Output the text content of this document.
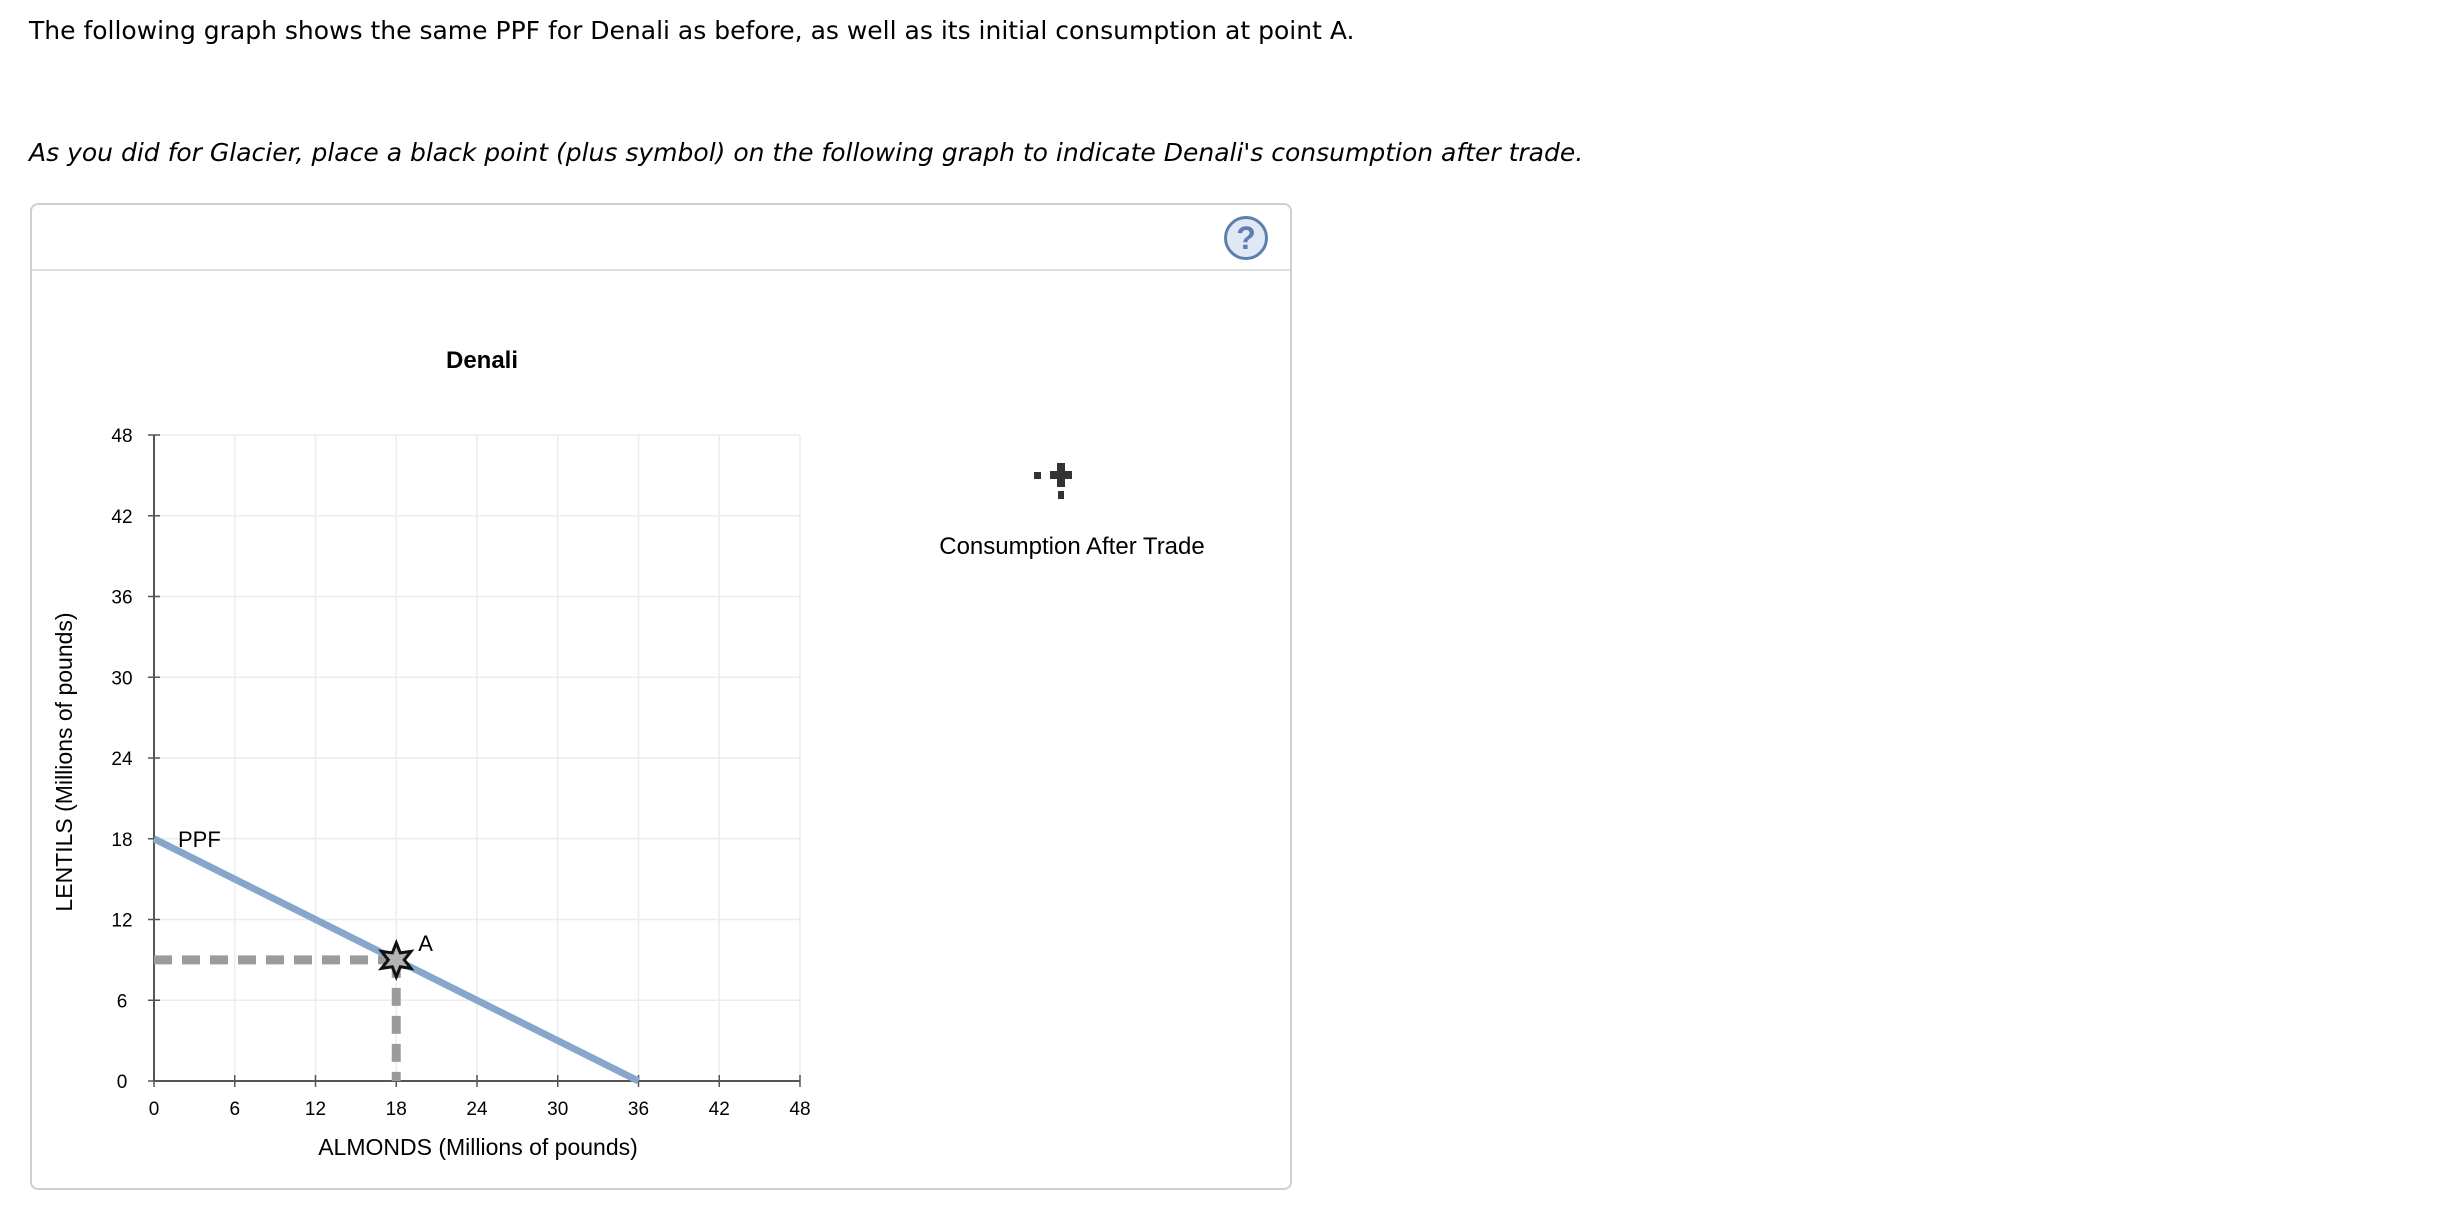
The following graph shows the same PPF for Denali as before, as well as its initial consumption at point A.
As you did for Glacier, place a black point (plus symbol) on the following graph to indicate Denali's consumption after trade.
?
0	6	12	18	24	30	36	42	48
0
6
12
18
24
30
36
42
48
PPF
A
Denali
ALMONDS (Millions of pounds)
LENTILS (Millions of pounds)
Consumption After Trade
